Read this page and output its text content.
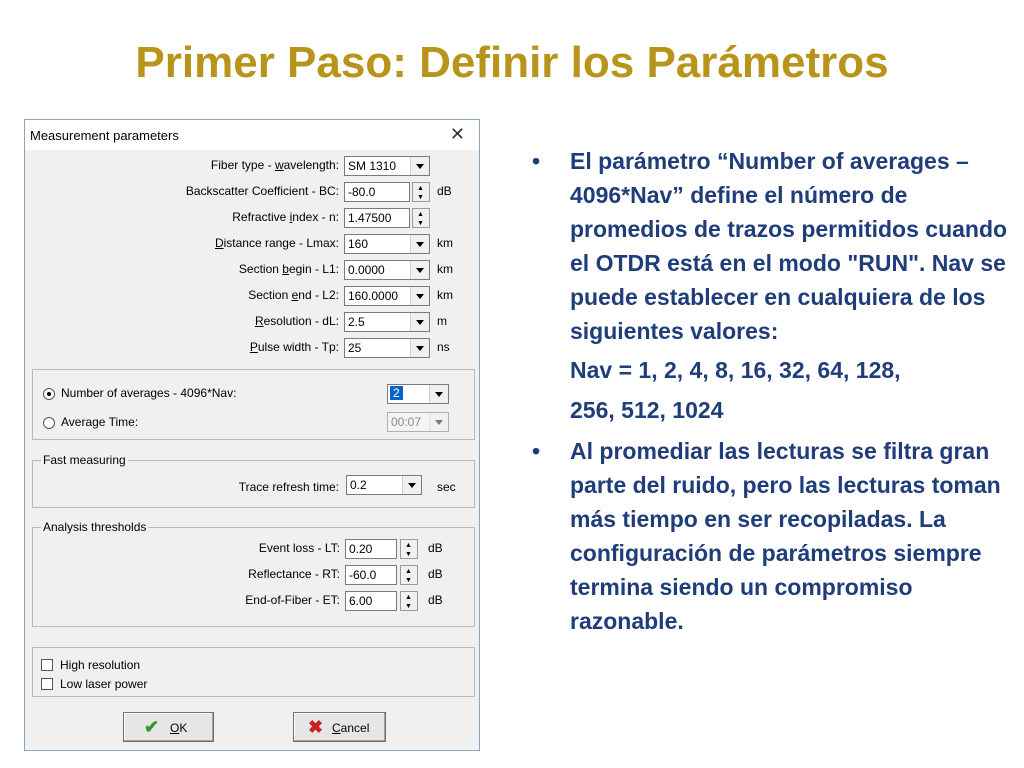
Primer Paso: Definir los Parámetros
Measurement parameters	✕
Fiber type - wavelength: SM 1310
Backscatter Coefficient - BC: -80.0	▲▼	dB
Refractive index - n: 1.47500	▲▼
Distance range - Lmax: 160	km
Section begin - L1: 0.0000	km
Section end - L2: 160.0000	km
Resolution - dL: 2.5	m
Pulse width - Tp: 25	ns
Number of averages - 4096*Nav:	2
Average Time:	00:07
Fast measuring
Trace refresh time: 0.2	sec
Analysis thresholds
Event loss - LT: 0.20	▲▼	dB
Reflectance - RT: -60.0	▲▼	dB
End-of-Fiber - ET: 6.00	▲▼	dB
High resolution
Low laser power
✔ OK	✖ Cancel

• El parámetro “Number of averages – 4096*Nav” define el número de promedios de trazos permitidos cuando el OTDR está en el modo "RUN". Nav se puede establecer en cualquiera de los siguientes valores:

Nav = 1, 2, 4, 8, 16, 32, 64, 128,

256, 512, 1024

• Al promediar las lecturas se filtra gran parte del ruido, pero las lecturas toman más tiempo en ser recopiladas. La configuración de parámetros siempre termina siendo un compromiso razonable.
